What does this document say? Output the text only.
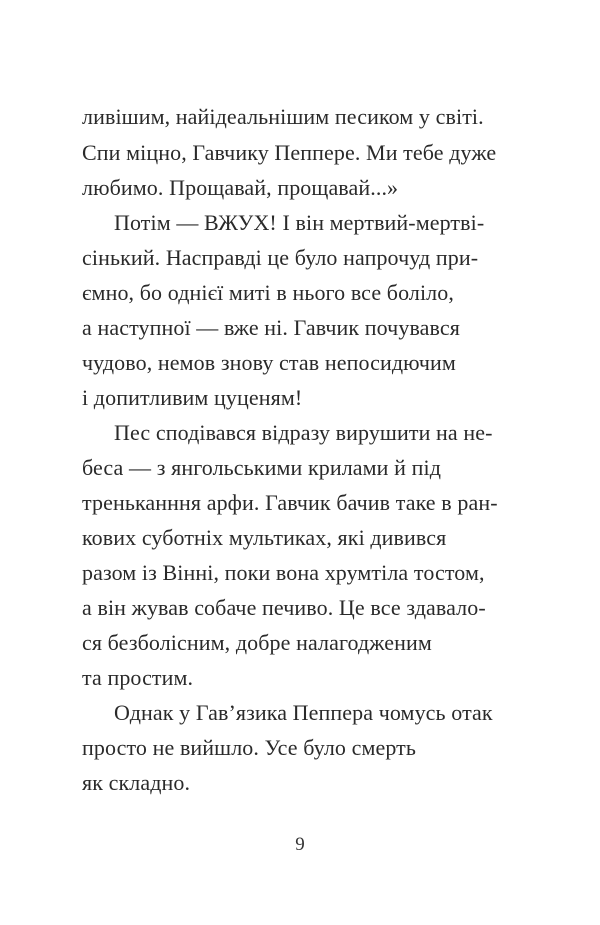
ливішим, найідеальнішим песиком у світі.
Спи міцно, Гавчику Пеппере. Ми тебе дуже
любимо. Прощавай, прощавай...»
Потім — ВЖУХ! І він мертвий-мертві-
сінький. Насправді це було напрочуд при-
ємно, бо однієї миті в нього все боліло,
а наступної — вже ні. Гавчик почувався
чудово, немов знову став непосидючим
і допитливим цуценям!
Пес сподівався відразу вирушити на не-
беса — з янгольськими крилами й під
треньканння арфи. Гавчик бачив таке в ран-
кових суботніх мультиках, які дивився
разом із Вінні, поки вона хрумтіла тостом,
а він жував собаче печиво. Це все здавало-
ся безболісним, добре налагодженим
та простим.
Однак у Гав’язика Пеппера чомусь отак
просто не вийшло. Усе було смерть
як складно.
9
